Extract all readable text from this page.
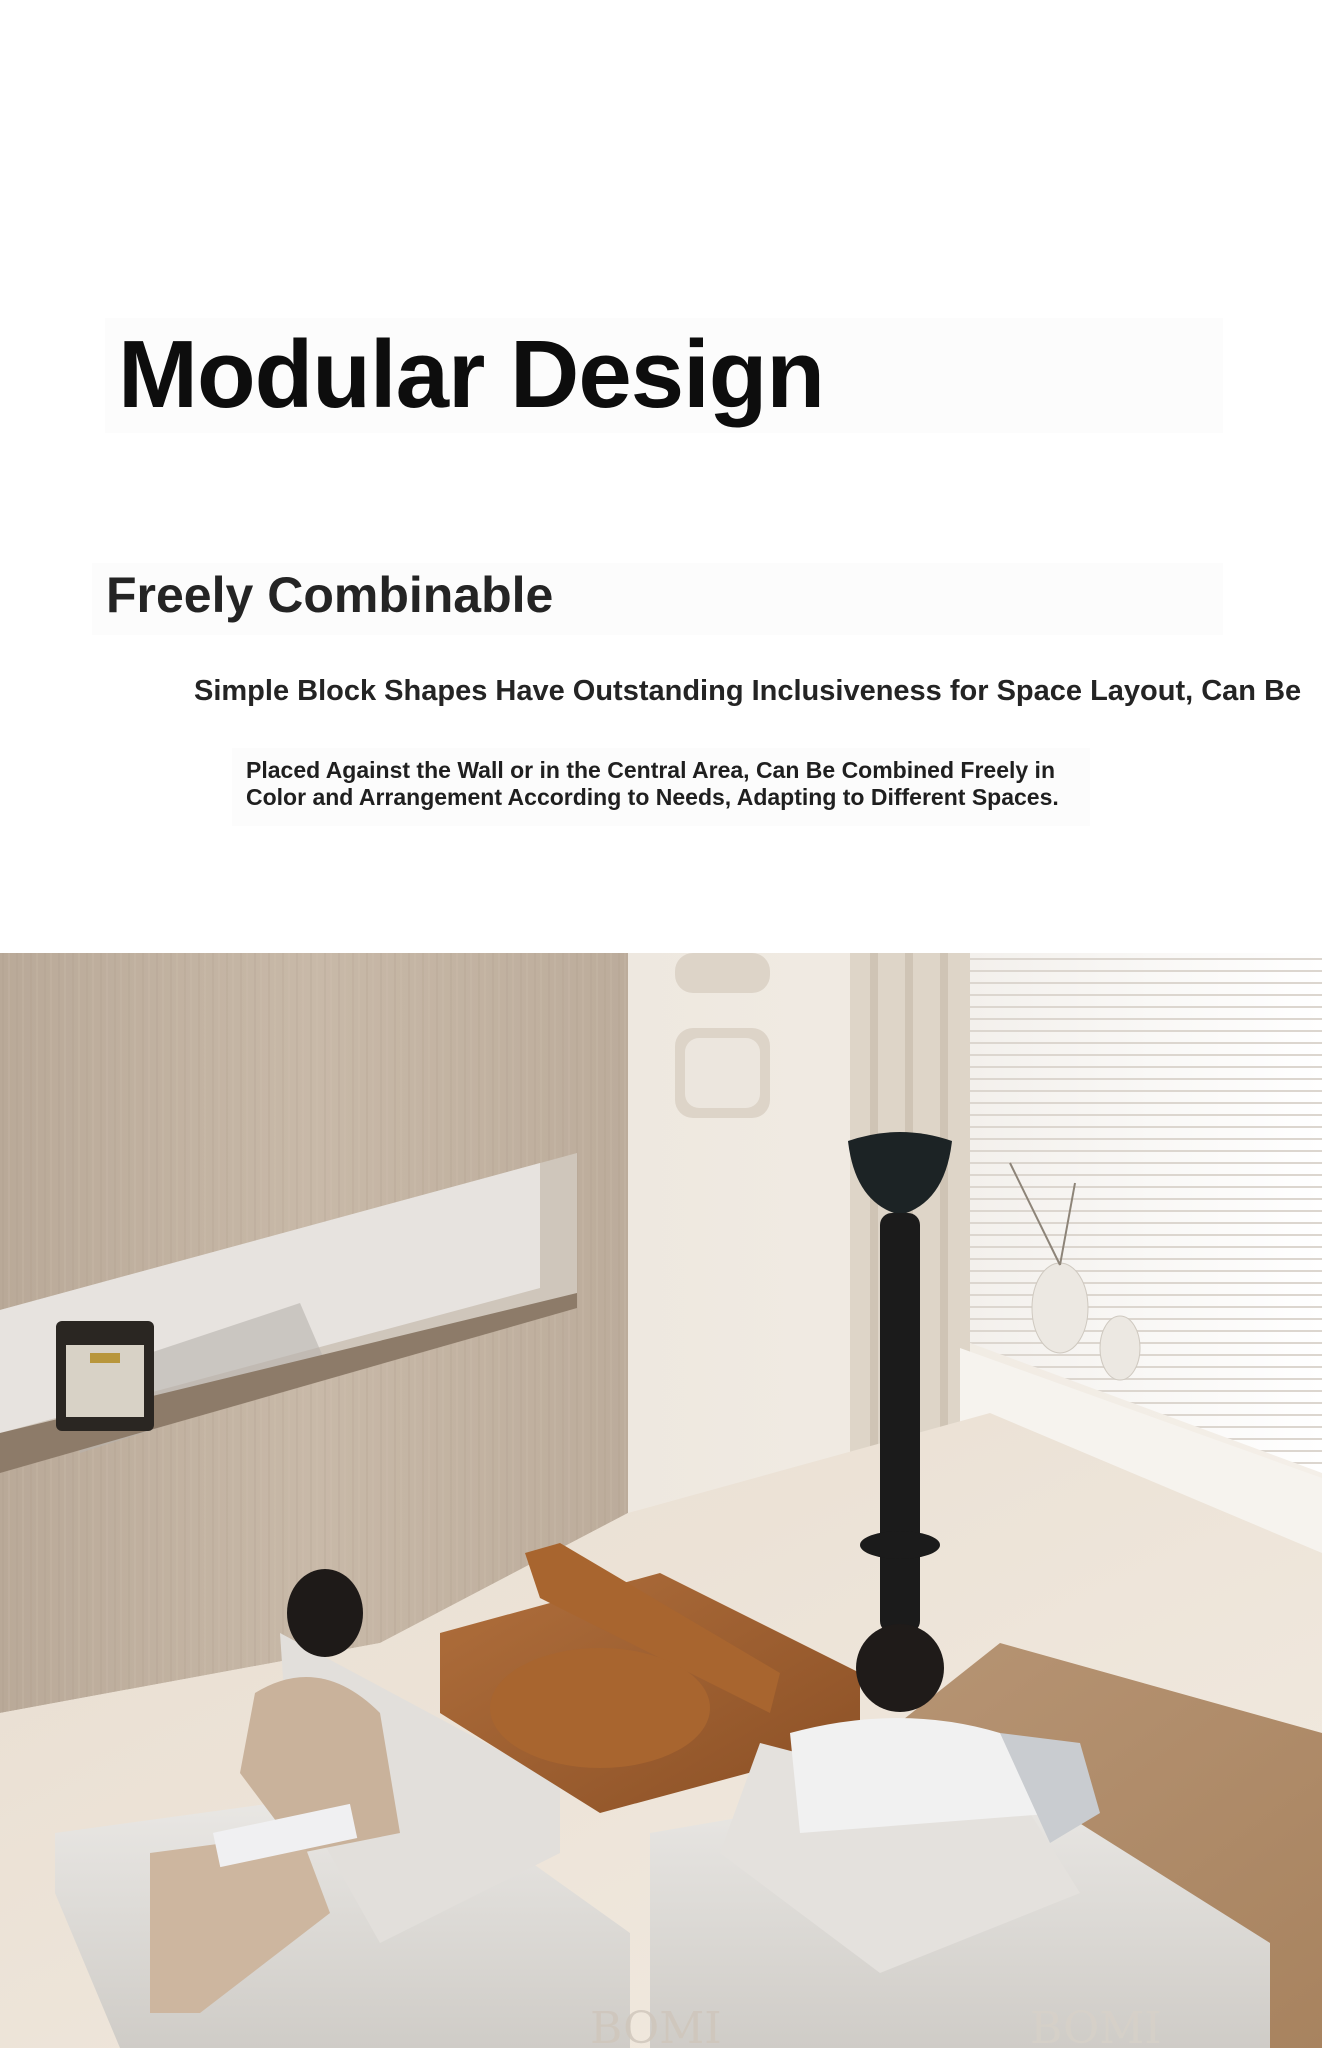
Modular Design
Freely Combinable

Simple Block Shapes Have Outstanding Inclusiveness for Space Layout, Can Be

Placed Against the Wall or in the Central Area, Can Be Combined Freely in
Color and Arrangement According to Needs, Adapting to Different Spaces.

BOMI	BOMI
